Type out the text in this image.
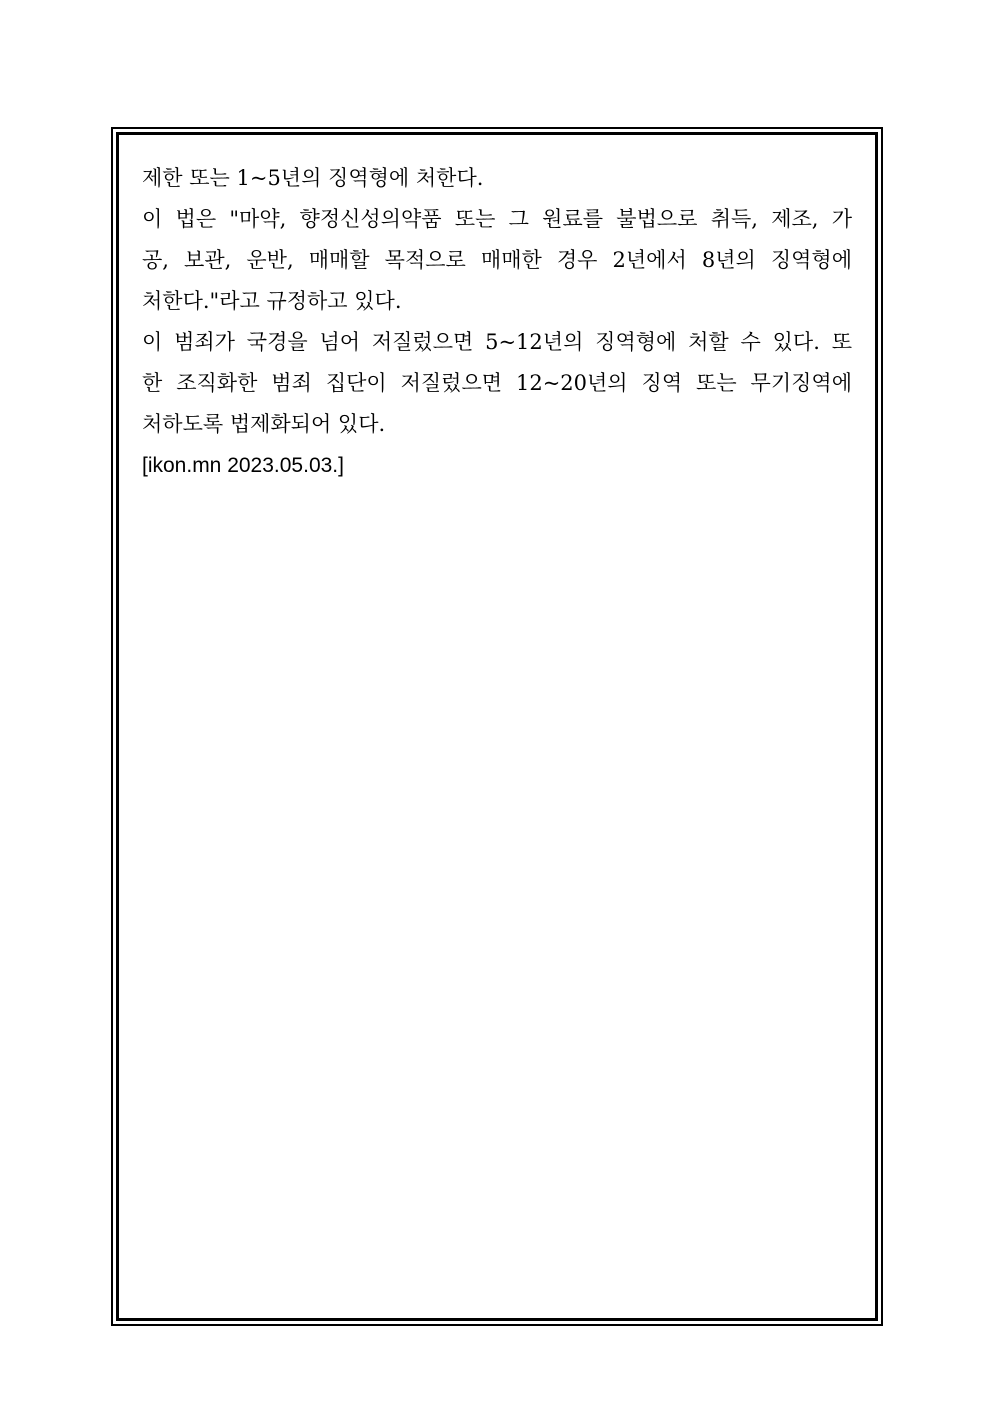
제한 또는 1~5년의 징역형에 처한다.
이 법은 "마약, 향정신성의약품 또는 그 원료를 불법으로 취득, 제조, 가
공, 보관, 운반, 매매할 목적으로 매매한 경우 2년에서 8년의 징역형에
처한다."라고 규정하고 있다.
이 범죄가 국경을 넘어 저질렀으면 5~12년의 징역형에 처할 수 있다. 또
한 조직화한 범죄 집단이 저질렀으면 12~20년의 징역 또는 무기징역에
처하도록 법제화되어 있다.
[ikon.mn 2023.05.03.]
